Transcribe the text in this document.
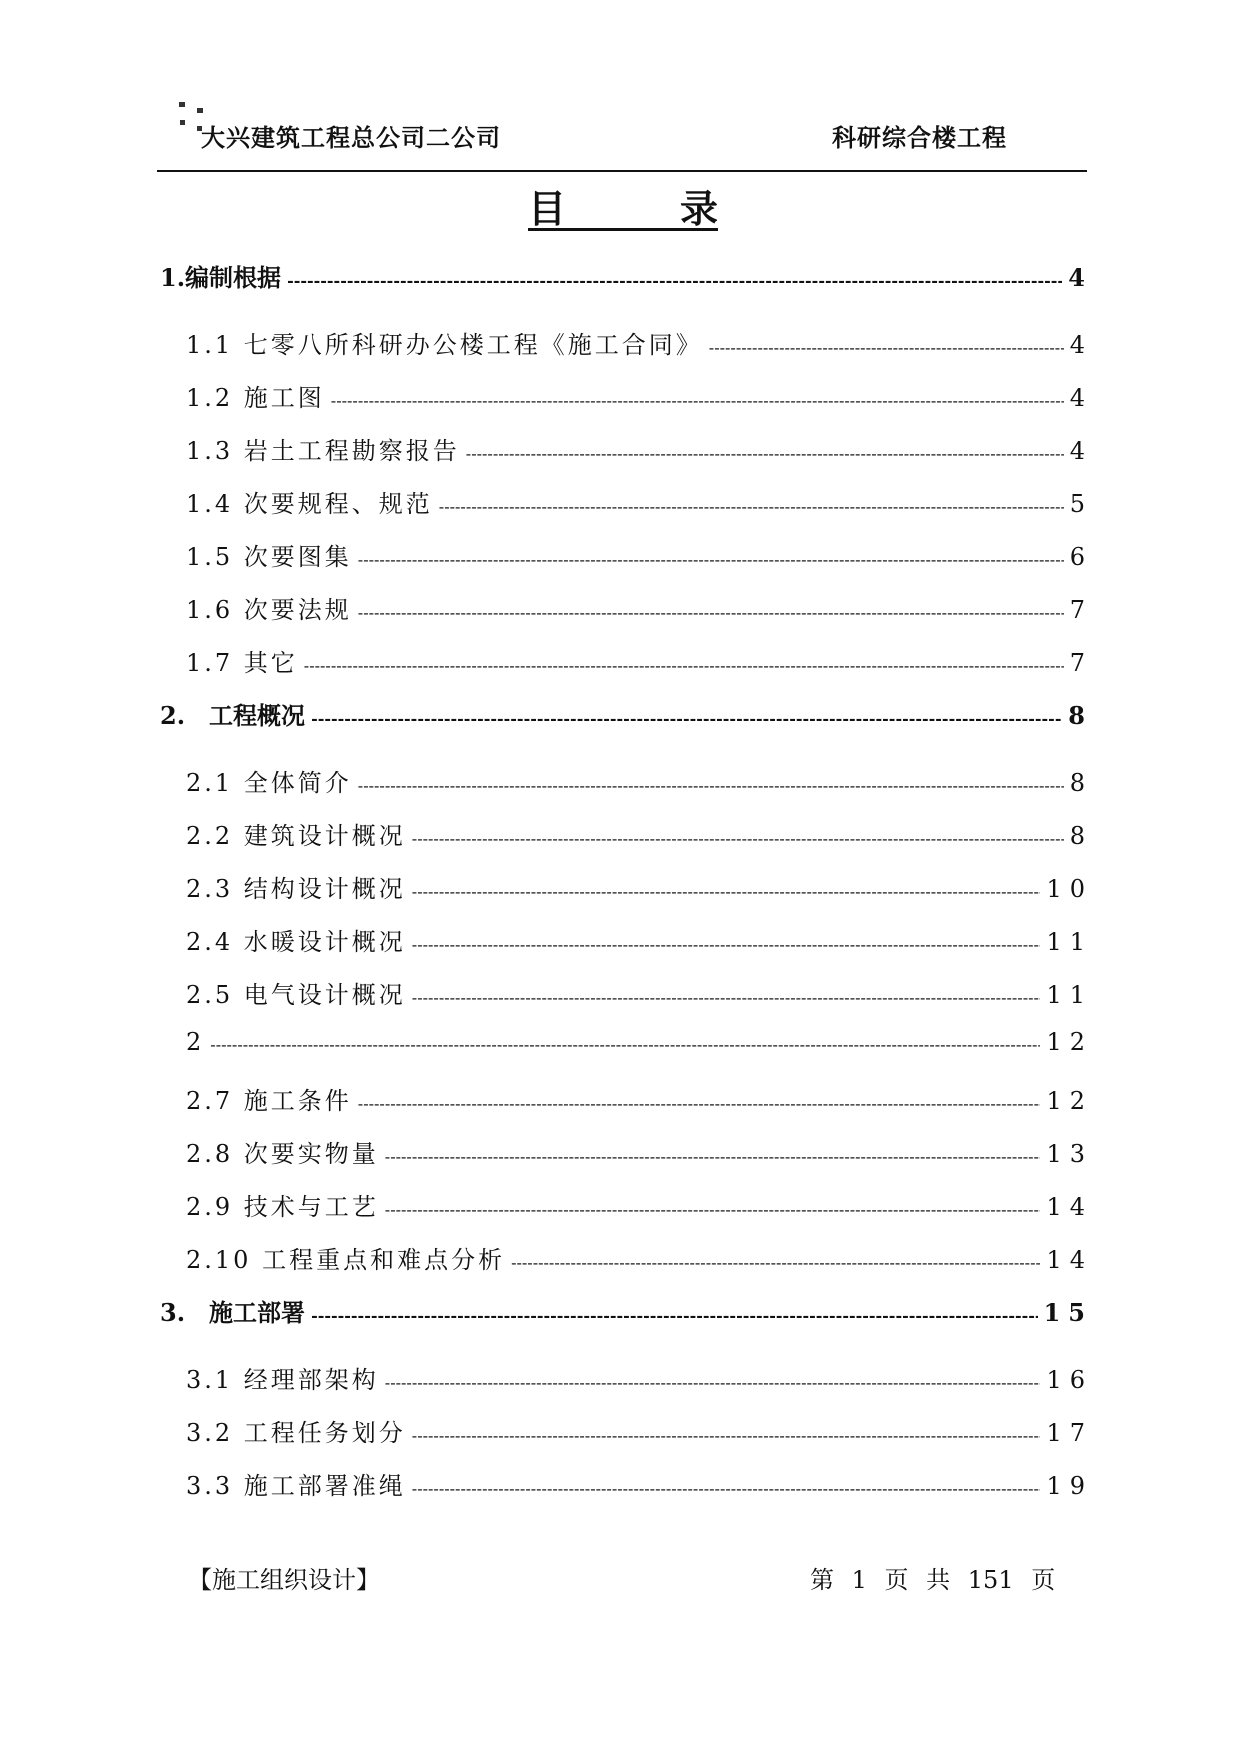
大兴建筑工程总公司二公司	科研综合楼工程
目　　　录
1.编制根据 -----	4
1.1 七零八所科研办公楼工程《施工合同》 -----	4
1.2 施工图 -----	4
1.3 岩土工程勘察报告 -----	4
1.4 次要规程、规范 -----	5
1.5 次要图集 -----	6
1.6 次要法规 -----	7
1.7 其它 -----	7
2.　工程概况 -----	8
2.1 全体简介 -----	8
2.2 建筑设计概况 -----	8
2.3 结构设计概况 -----	10
2.4 水暖设计概况 -----	11
2.5 电气设计概况 -----	11
2 -----	12
2.7 施工条件 -----	12
2.8 次要实物量 -----	13
2.9 技术与工艺 -----	14
2.10 工程重点和难点分析 -----	14
3.　施工部署 -----	15
3.1 经理部架构 -----	16
3.2 工程任务划分 -----	17
3.3 施工部署准绳 -----	19
【施工组织设计】	第 1 页 共 151 页
